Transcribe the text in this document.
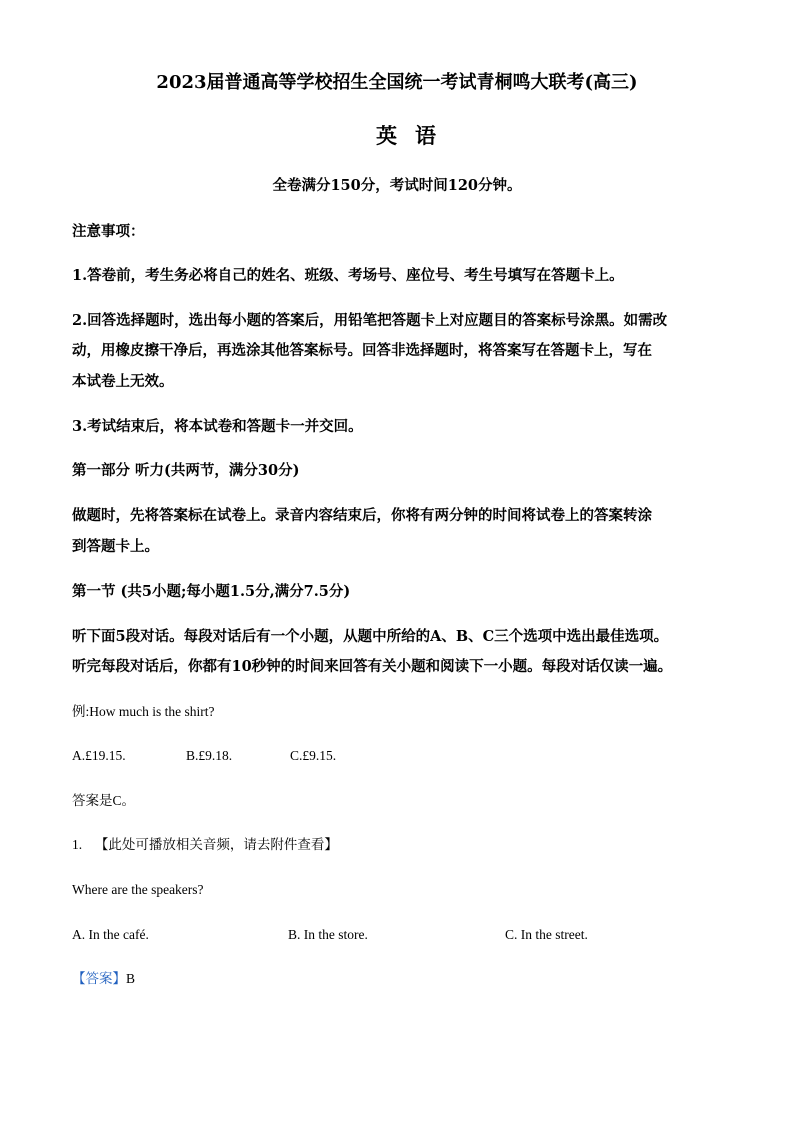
2023届普通高等学校招生全国统一考试青桐鸣大联考(高三)
英语
全卷满分150分，考试时间120分钟。
注意事项：
1.答卷前，考生务必将自己的姓名、班级、考场号、座位号、考生号填写在答题卡上。
2.回答选择题时，选出每小题的答案后，用铅笔把答题卡上对应题目的答案标号涂黑。如需改
动，用橡皮擦干净后，再选涂其他答案标号。回答非选择题时，将答案写在答题卡上，写在
本试卷上无效。
3.考试结束后，将本试卷和答题卡一并交回。
第一部分 听力(共两节，满分30分)
做题时，先将答案标在试卷上。录音内容结束后，你将有两分钟的时间将试卷上的答案转涂
到答题卡上。
第一节 (共5小题;每小题1.5分,满分7.5分)
听下面5段对话。每段对话后有一个小题，从题中所给的A、B、C三个选项中选出最佳选项。
听完每段对话后，你都有10秒钟的时间来回答有关小题和阅读下一小题。每段对话仅读一遍。
例:How much is the shirt?
A.£19.15.	B.£9.18.	C.£9.15.
答案是C。
1. 【此处可播放相关音频，请去附件查看】
Where are the speakers?
A. In the café.	B. In the store.	C. In the street.
【答案】B
